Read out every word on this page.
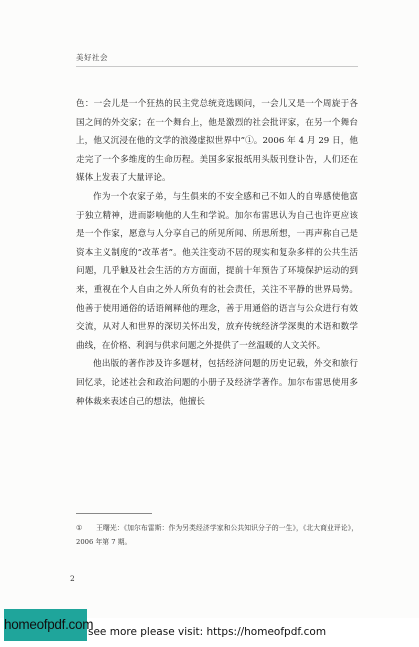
美好社会

色：一会儿是一个狂热的民主党总统竞选顾问，一会儿又是一个周旋于各国之间的外交家；在一个舞台上，他是激烈的社会批评家，在另一个舞台上，他又沉浸在他的文学的浪漫虚拟世界中”①。2006 年 4 月 29 日，他走完了一个多维度的生命历程。美国多家报纸用头版刊登讣告，人们还在媒体上发表了大量评论。

作为一个农家子弟，与生俱来的不安全感和己不如人的自卑感使他富于独立精神，进而影响他的人生和学说。加尔布雷思认为自己也许更应该是一个作家，愿意与人分享自己的所见所闻、所思所想，一再声称自己是资本主义制度的“改革者”。他关注变动不居的现实和复杂多样的公共生活问题，几乎触及社会生活的方方面面，提前十年预告了环境保护运动的到来，重视在个人自由之外人所负有的社会责任，关注不平静的世界局势。他善于使用通俗的话语阐释他的理念，善于用通俗的语言与公众进行有效交流，从对人和世界的深切关怀出发，放弃传统经济学深奥的术语和数学曲线，在价格、利润与供求问题之外提供了一丝温暖的人文关怀。

他出版的著作涉及许多题材，包括经济问题的历史记载，外交和旅行回忆录，论述社会和政治问题的小册子及经济学著作。加尔布雷思使用多种体裁来表述自己的想法，他擅长

① 王曙光：《加尔布雷斯：作为另类经济学家和公共知识分子的一生》，《北大商业评论》，2006 年第 7 期。
2
homeofpdf.com
see more please visit: https://homeofpdf.com
